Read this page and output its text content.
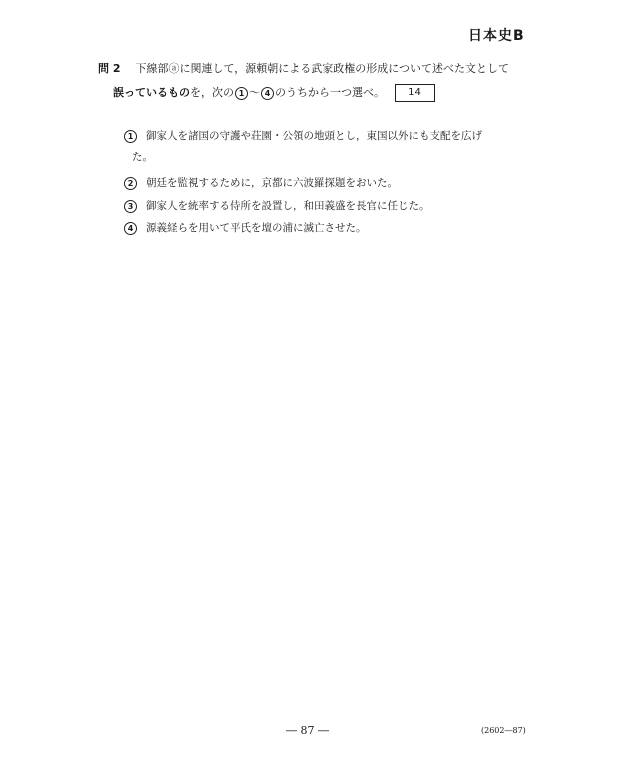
日本史B
問 2 下線部ⓐに関連して，源頼朝による武家政権の形成について述べた文として
誤っているものを，次の 1 ～ 4 のうちから一つ選べ。 14
1	御家人を諸国の守護や荘園・公領の地頭とし，東国以外にも支配を広げ
た。
2	朝廷を監視するために，京都に六波羅探題をおいた。
3	御家人を統率する侍所を設置し，和田義盛を長官に任じた。
4	源義経らを用いて平氏を壇の浦に滅亡させた。
― 87 ―	(2602―87)
